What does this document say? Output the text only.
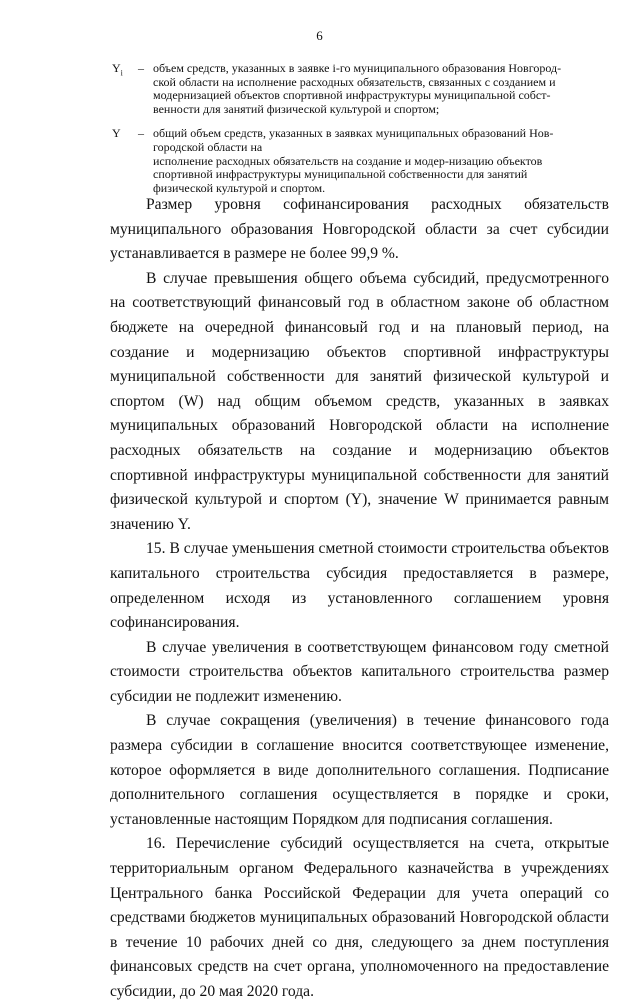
6
$Y_i$	– объем средств, указанных в заявке i-го муниципального образования Новгород-
ской области на исполнение расходных обязательств, связанных с созданием и
модернизацией объектов спортивной инфраструктуры муниципальной собст-
венности для занятий физической культурой и спортом;
Y	– общий объем средств, указанных в заявках муниципальных образований Нов-
городской области на
исполнение расходных обязательств на создание и модер-низацию объектов
спортивной инфраструктуры муниципальной собственности для занятий
физической культурой и спортом.

Размер уровня софинансирования расходных обязательств муниципального образования Новгородской области за счет субсидии устанавливается в размере не более 99,9 %.

В случае превышения общего объема субсидий, предусмотренного на соответствующий финансовый год в областном законе об областном бюджете на очередной финансовый год и на плановый период, на создание и модернизацию объектов спортивной инфраструктуры муниципальной собственности для занятий физической культурой и спортом (W) над общим объемом средств, указанных в заявках муниципальных образований Новгородской области на исполнение расходных обязательств на создание и модернизацию объектов спортивной инфраструктуры муниципальной собственности для занятий физической культурой и спортом (Y), значение W принимается равным значению Y.

15. В случае уменьшения сметной стоимости строительства объектов капитального строительства субсидия предоставляется в размере, определенном исходя из установленного соглашением уровня софинансирования.

В случае увеличения в соответствующем финансовом году сметной стоимости строительства объектов капитального строительства размер субсидии не подлежит изменению.

В случае сокращения (увеличения) в течение финансового года размера субсидии в соглашение вносится соответствующее изменение, которое оформляется в виде дополнительного соглашения. Подписание дополнительного соглашения осуществляется в порядке и сроки, установленные настоящим Порядком для подписания соглашения.

16. Перечисление субсидий осуществляется на счета, открытые территориальным органом Федерального казначейства в учреждениях Центрального банка Российской Федерации для учета операций со средствами бюджетов муниципальных образований Новгородской области в течение 10 рабочих дней со дня, следующего за днем поступления финансовых средств на счет органа, уполномоченного на предоставление субсидии, до 20 мая 2020 года.
